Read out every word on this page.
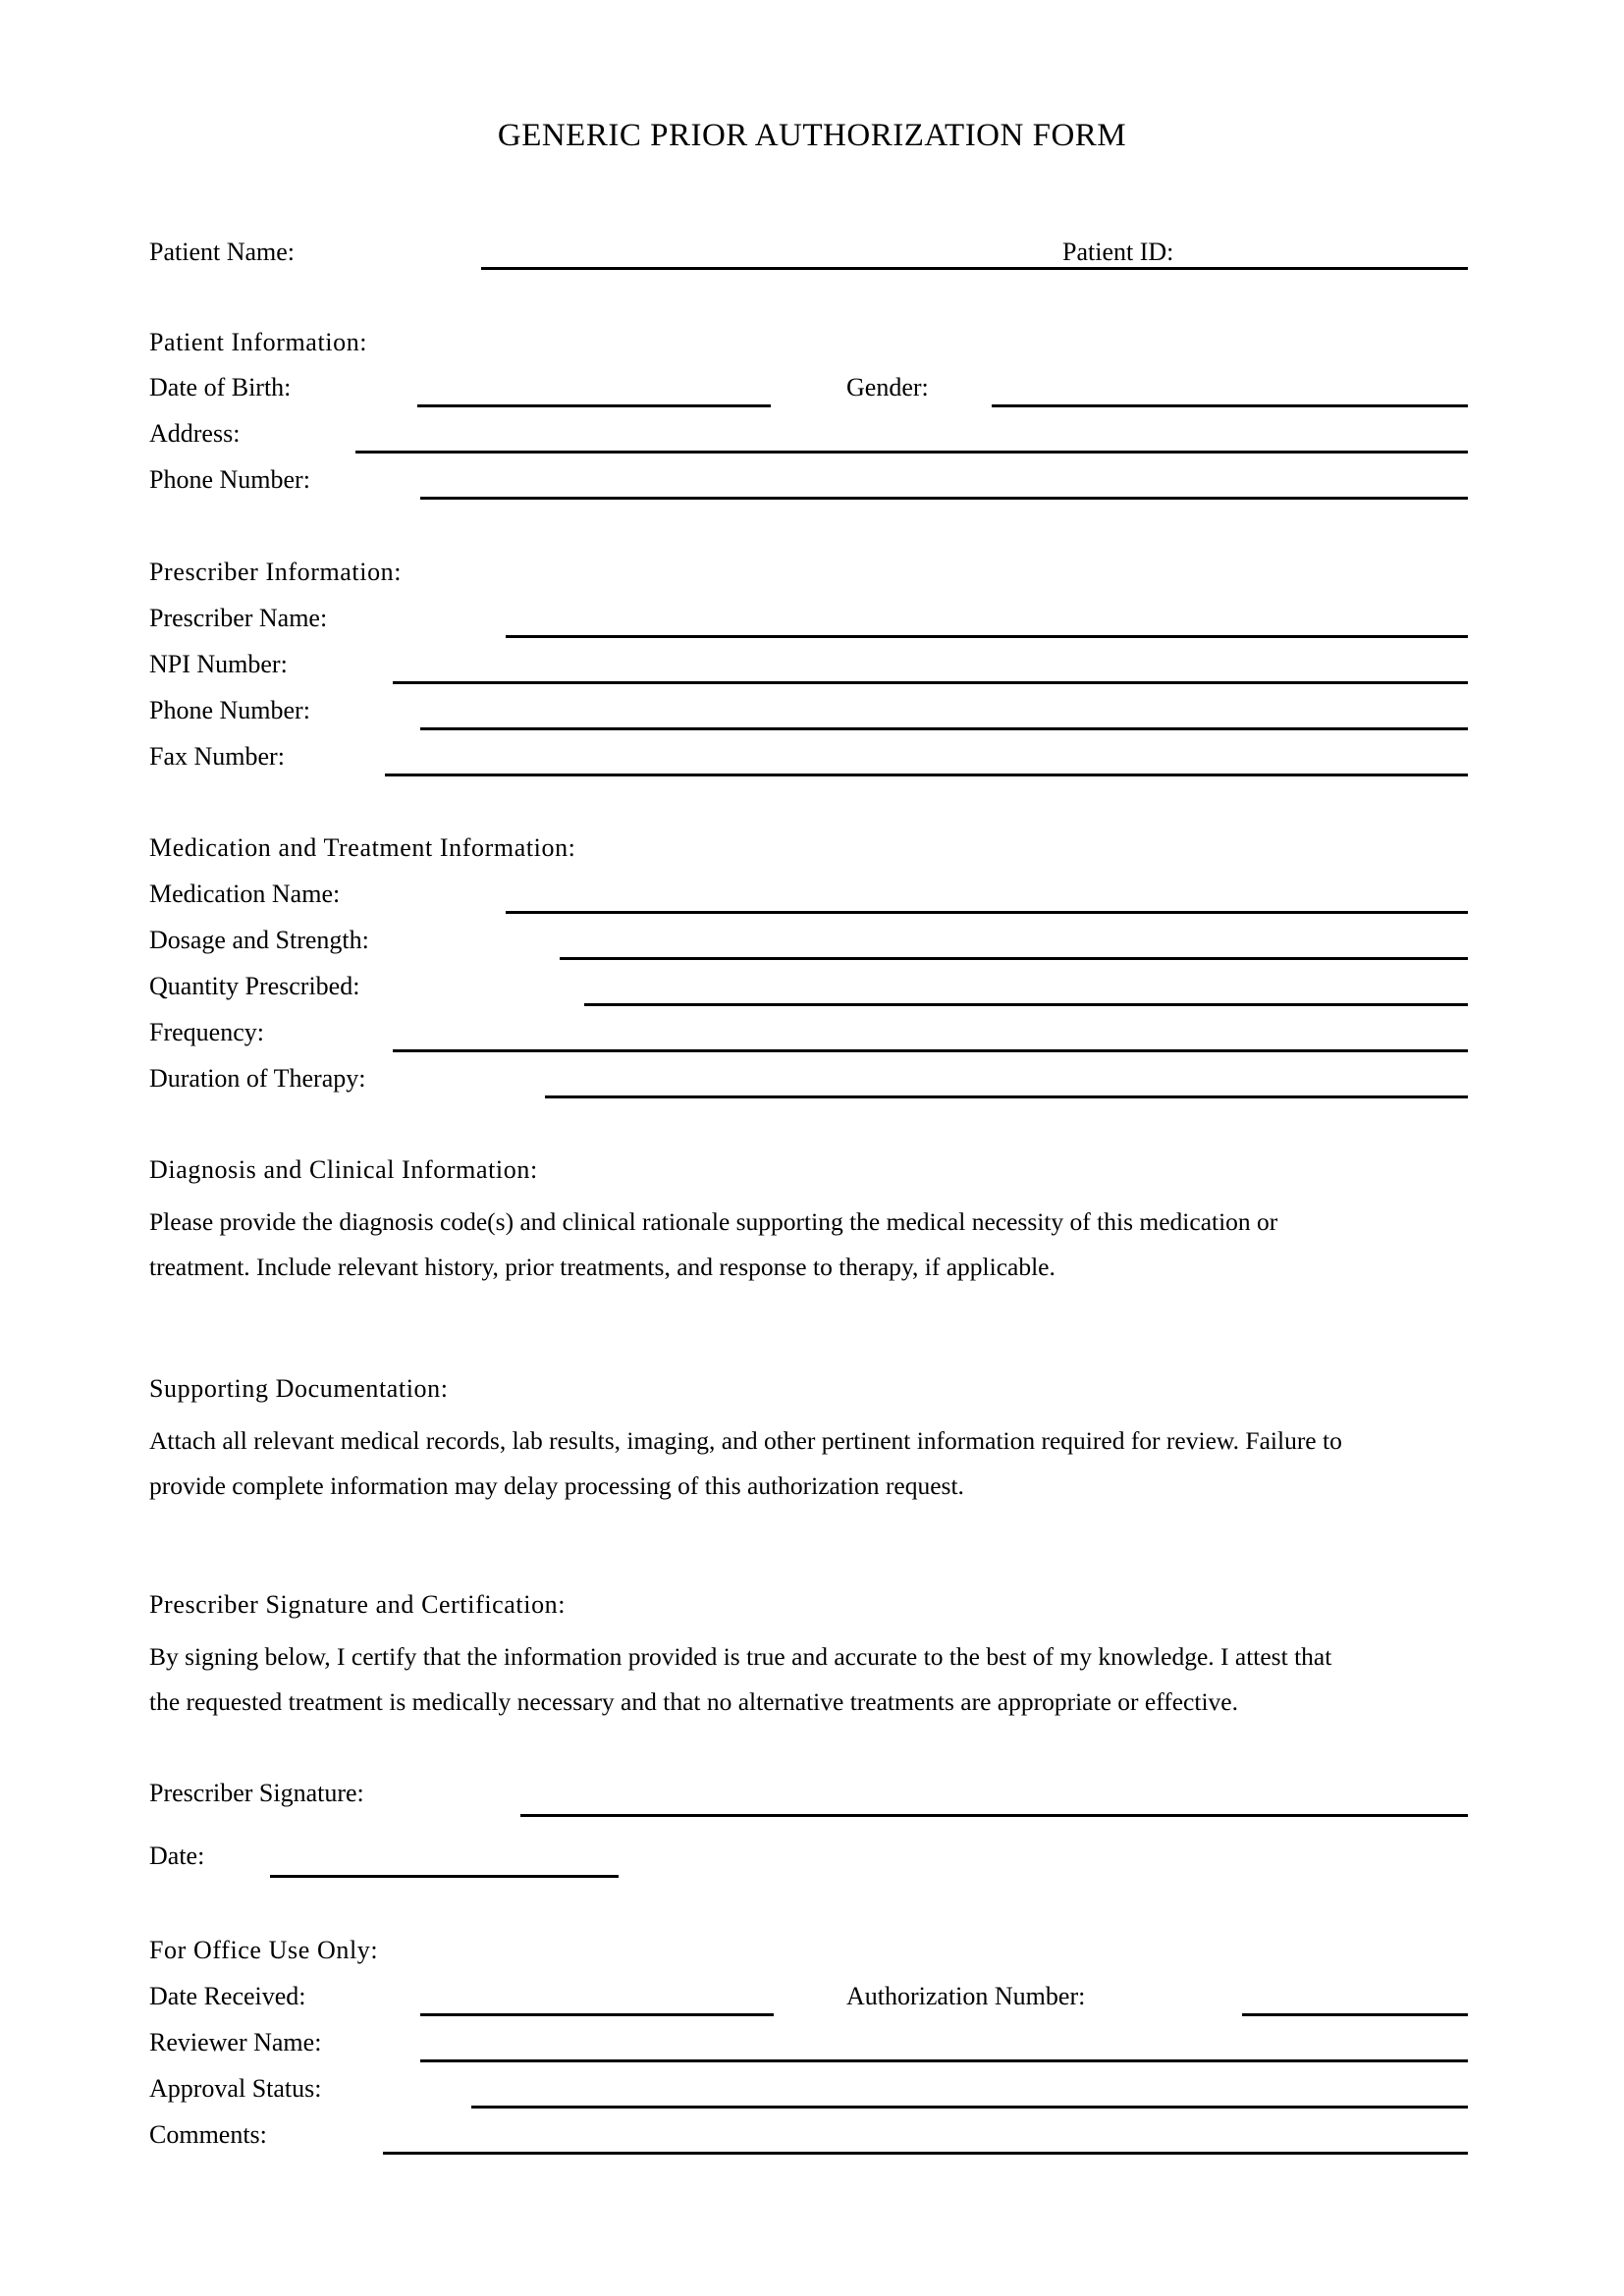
GENERIC PRIOR AUTHORIZATION FORM
Patient Name:	Patient ID:
Patient Information:
Date of Birth:	Gender:
Address:
Phone Number:
Prescriber Information:
Prescriber Name:
NPI Number:
Phone Number:
Fax Number:
Medication and Treatment Information:
Medication Name:
Dosage and Strength:
Quantity Prescribed:
Frequency:
Duration of Therapy:
Diagnosis and Clinical Information:
Please provide the diagnosis code(s) and clinical rationale supporting the medical necessity of this medication or
treatment. Include relevant history, prior treatments, and response to therapy, if applicable.
Supporting Documentation:
Attach all relevant medical records, lab results, imaging, and other pertinent information required for review. Failure to
provide complete information may delay processing of this authorization request.
Prescriber Signature and Certification:
By signing below, I certify that the information provided is true and accurate to the best of my knowledge. I attest that
the requested treatment is medically necessary and that no alternative treatments are appropriate or effective.
Prescriber Signature:
Date:
For Office Use Only:
Date Received:	Authorization Number:
Reviewer Name:
Approval Status:
Comments:
